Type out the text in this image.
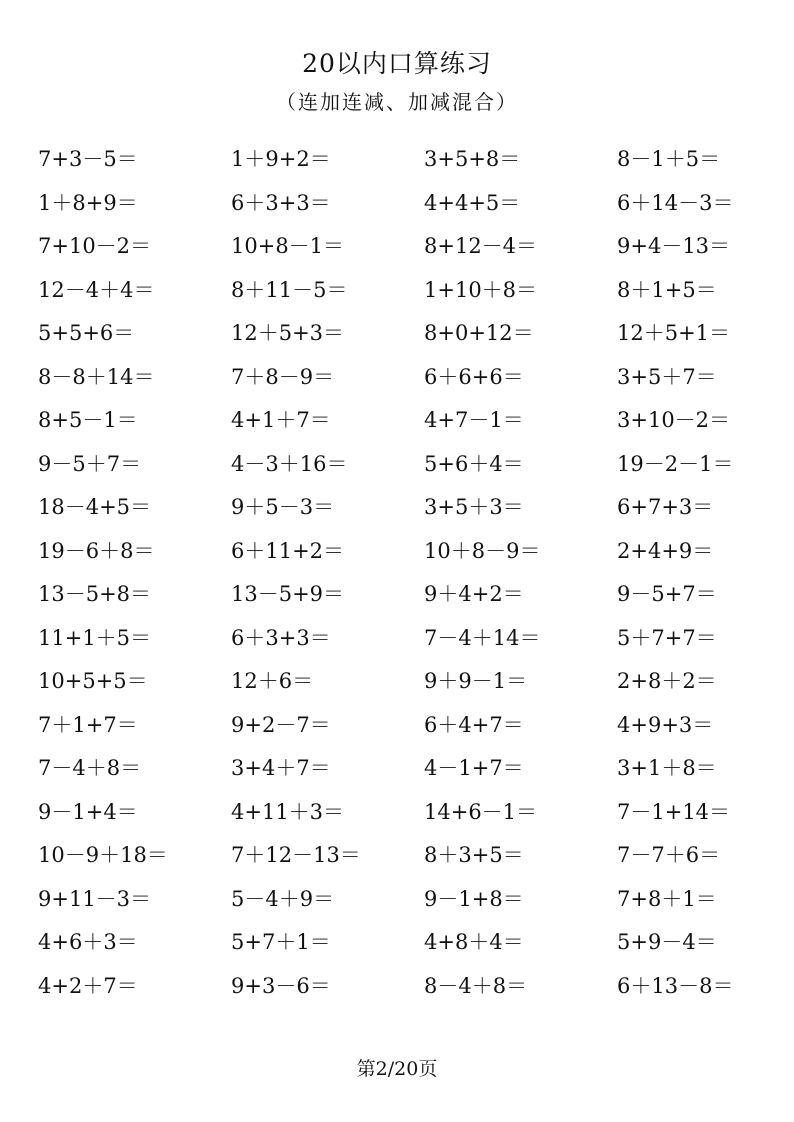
20以内口算练习
（连加连减、加减混合）
7+3－5＝	1＋9+2＝	3+5+8＝	8－1＋5＝
1＋8+9＝	6＋3+3＝	4+4+5＝	6＋14－3＝
7+10－2＝	10+8－1＝	8+12－4＝	9+4－13＝
12－4＋4＝	8＋11－5＝	1+10＋8＝	8＋1+5＝
5+5+6＝	12＋5+3＝	8+0+12＝	12＋5+1＝
8－8＋14＝	7＋8－9＝	6＋6+6＝	3+5＋7＝
8+5－1＝	4+1＋7＝	4+7－1＝	3+10－2＝
9－5＋7＝	4－3＋16＝	5+6＋4＝	19－2－1＝
18－4+5＝	9＋5－3＝	3+5＋3＝	6+7+3＝
19－6＋8＝	6＋11+2＝	10＋8－9＝	2+4+9＝
13－5+8＝	13－5+9＝	9＋4+2＝	9－5+7＝
11+1＋5＝	6＋3+3＝	7－4＋14＝	5＋7+7＝
10+5+5＝	12＋6＝	9＋9－1＝	2+8＋2＝
7＋1+7＝	9+2－7＝	6＋4+7＝	4+9+3＝
7－4＋8＝	3+4＋7＝	4－1+7＝	3+1＋8＝
9－1+4＝	4+11＋3＝	14+6－1＝	7－1+14＝
10－9＋18＝	7＋12－13＝	8＋3+5＝	7－7＋6＝
9+11－3＝	5－4＋9＝	9－1+8＝	7+8＋1＝
4+6＋3＝	5+7＋1＝	4+8＋4＝	5+9－4＝
4+2＋7＝	9+3－6＝	8－4＋8＝	6＋13－8＝
第2/20页
